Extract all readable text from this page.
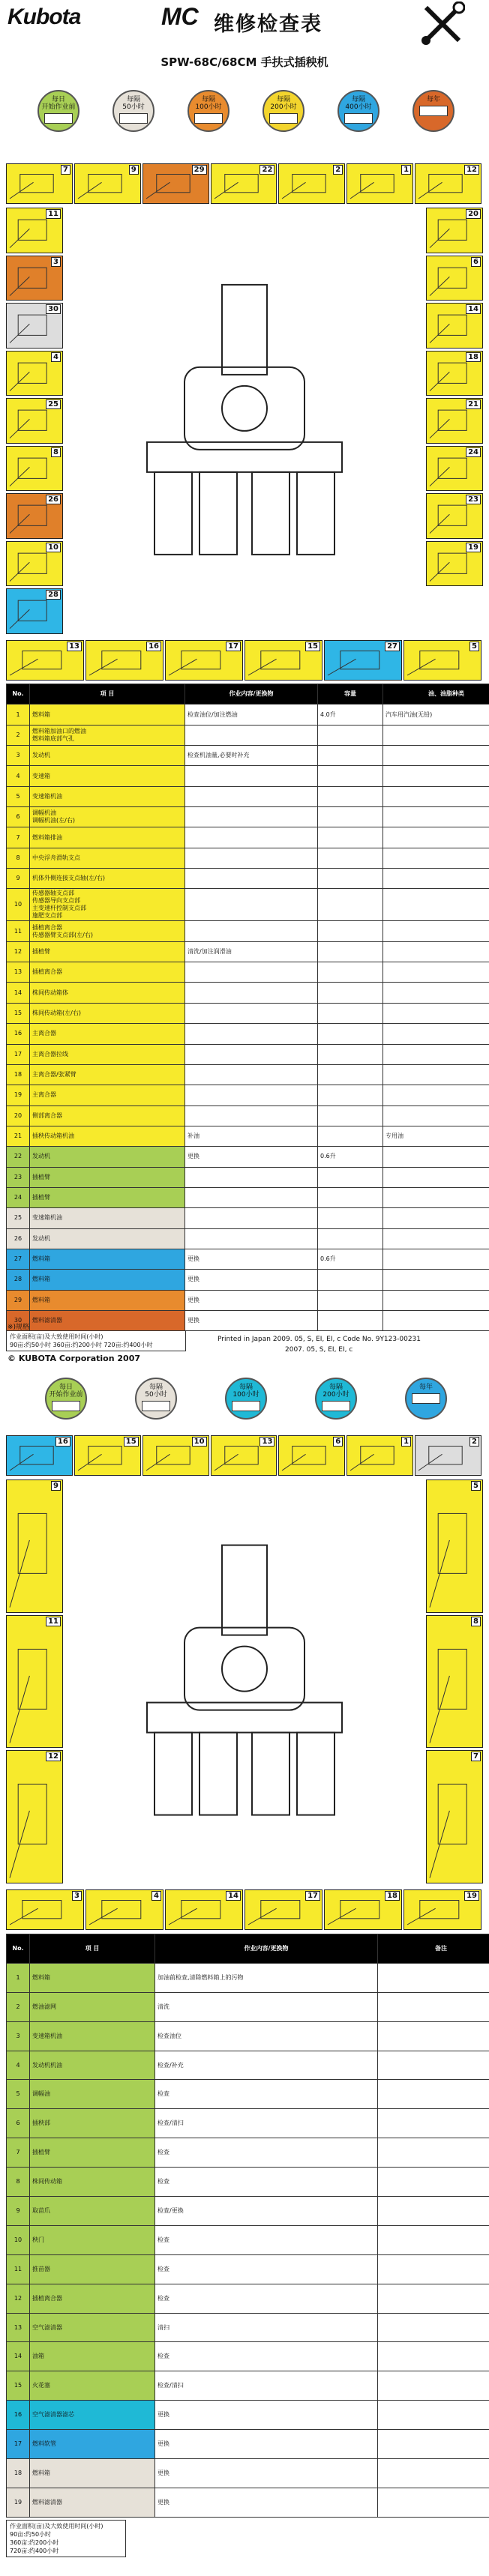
Kubota	MC 维修检查表
SPW-68C/68CM 手扶式插秧机
每日
开始作业前
每隔
50小时
每隔
100小时
每隔
200小时
每隔
400小时
每年
7	9	29	22	2	1	12
11
3
30
4
25
8
26
10
28
20
6
14
18
21
24
23
19
13	16	17	15	27	5
No.	项 目	作业内容/更换物	容量	油、油脂种类
1	燃料箱	检查油位/加注燃油	4.0升	汽车用汽油(无铅)
2	燃料箱加油口的燃油
燃料箱底部气孔			
3	发动机	检查机油量,必要时补充		
4	变速箱			
5	变速箱机油			
6	调幅机油
调幅机油(左/右)			
7	燃料箱排油			
8	中央浮舟滑轨支点			
9	机体外侧连接支点轴(左/右)			
10	传感器轴支点部
传感器导向支点部
主变速杆控制支点部
施肥支点部			
11	插植离合器
传感器臂支点部(左/右)			
12	插植臂	清洗/加注润滑油		
13	插植离合器			
14	株间传动箱体			
15	株间传动箱(左/右)			
16	主离合器			
17	主离合器拉线			
18	主离合器/张紧臂			
19	主离合器			
20	侧部离合器			
21	插秧传动箱机油	补油		专用油
22	发动机	更换	0.6升	
23	插植臂			
24	插植臂			
25	变速箱机油			
26	发动机			
27	燃料箱	更换	0.6升	
28	燃料箱	更换		
29	燃料箱	更换		
30	燃料滤清器	更换		
※)规格
作业面积(亩)及大致使用时间(小时)
90亩:约50小时 360亩:约200小时 720亩:约400小时
Printed in Japan 2009. 05, S, EI, EI, c Code No. 9Y123-00231
2007. 05, S, EI, EI, c
© KUBOTA Corporation 2007
每日
开始作业前
每隔
50小时
每隔
100小时
每隔
200小时
每年
16	15	10	13	6	1	2
9
11
12
5
8
7
3	4	14	17	18	19
No.	项 目	作业内容/更换物	备注
1	燃料箱	加油前检查,清除燃料箱上的污物	
2	燃油滤网	清洗	
3	变速箱机油	检查油位	
4	发动机机油	检查/补充	
5	调幅油	检查	
6	插秧部	检查/清扫	
7	插植臂	检查	
8	株间传动箱	检查	
9	取苗爪	检查/更换	
10	秧门	检查	
11	推苗器	检查	
12	插植离合器	检查	
13	空气滤清器	清扫	
14	油箱	检查	
15	火花塞	检查/清扫	
16	空气滤清器滤芯	更换	
17	燃料软管	更换	
18	燃料箱	更换	
19	燃料滤清器	更换	
作业面积(亩)及大致使用时间(小时)
90亩:约50小时
360亩:约200小时
720亩:约400小时
